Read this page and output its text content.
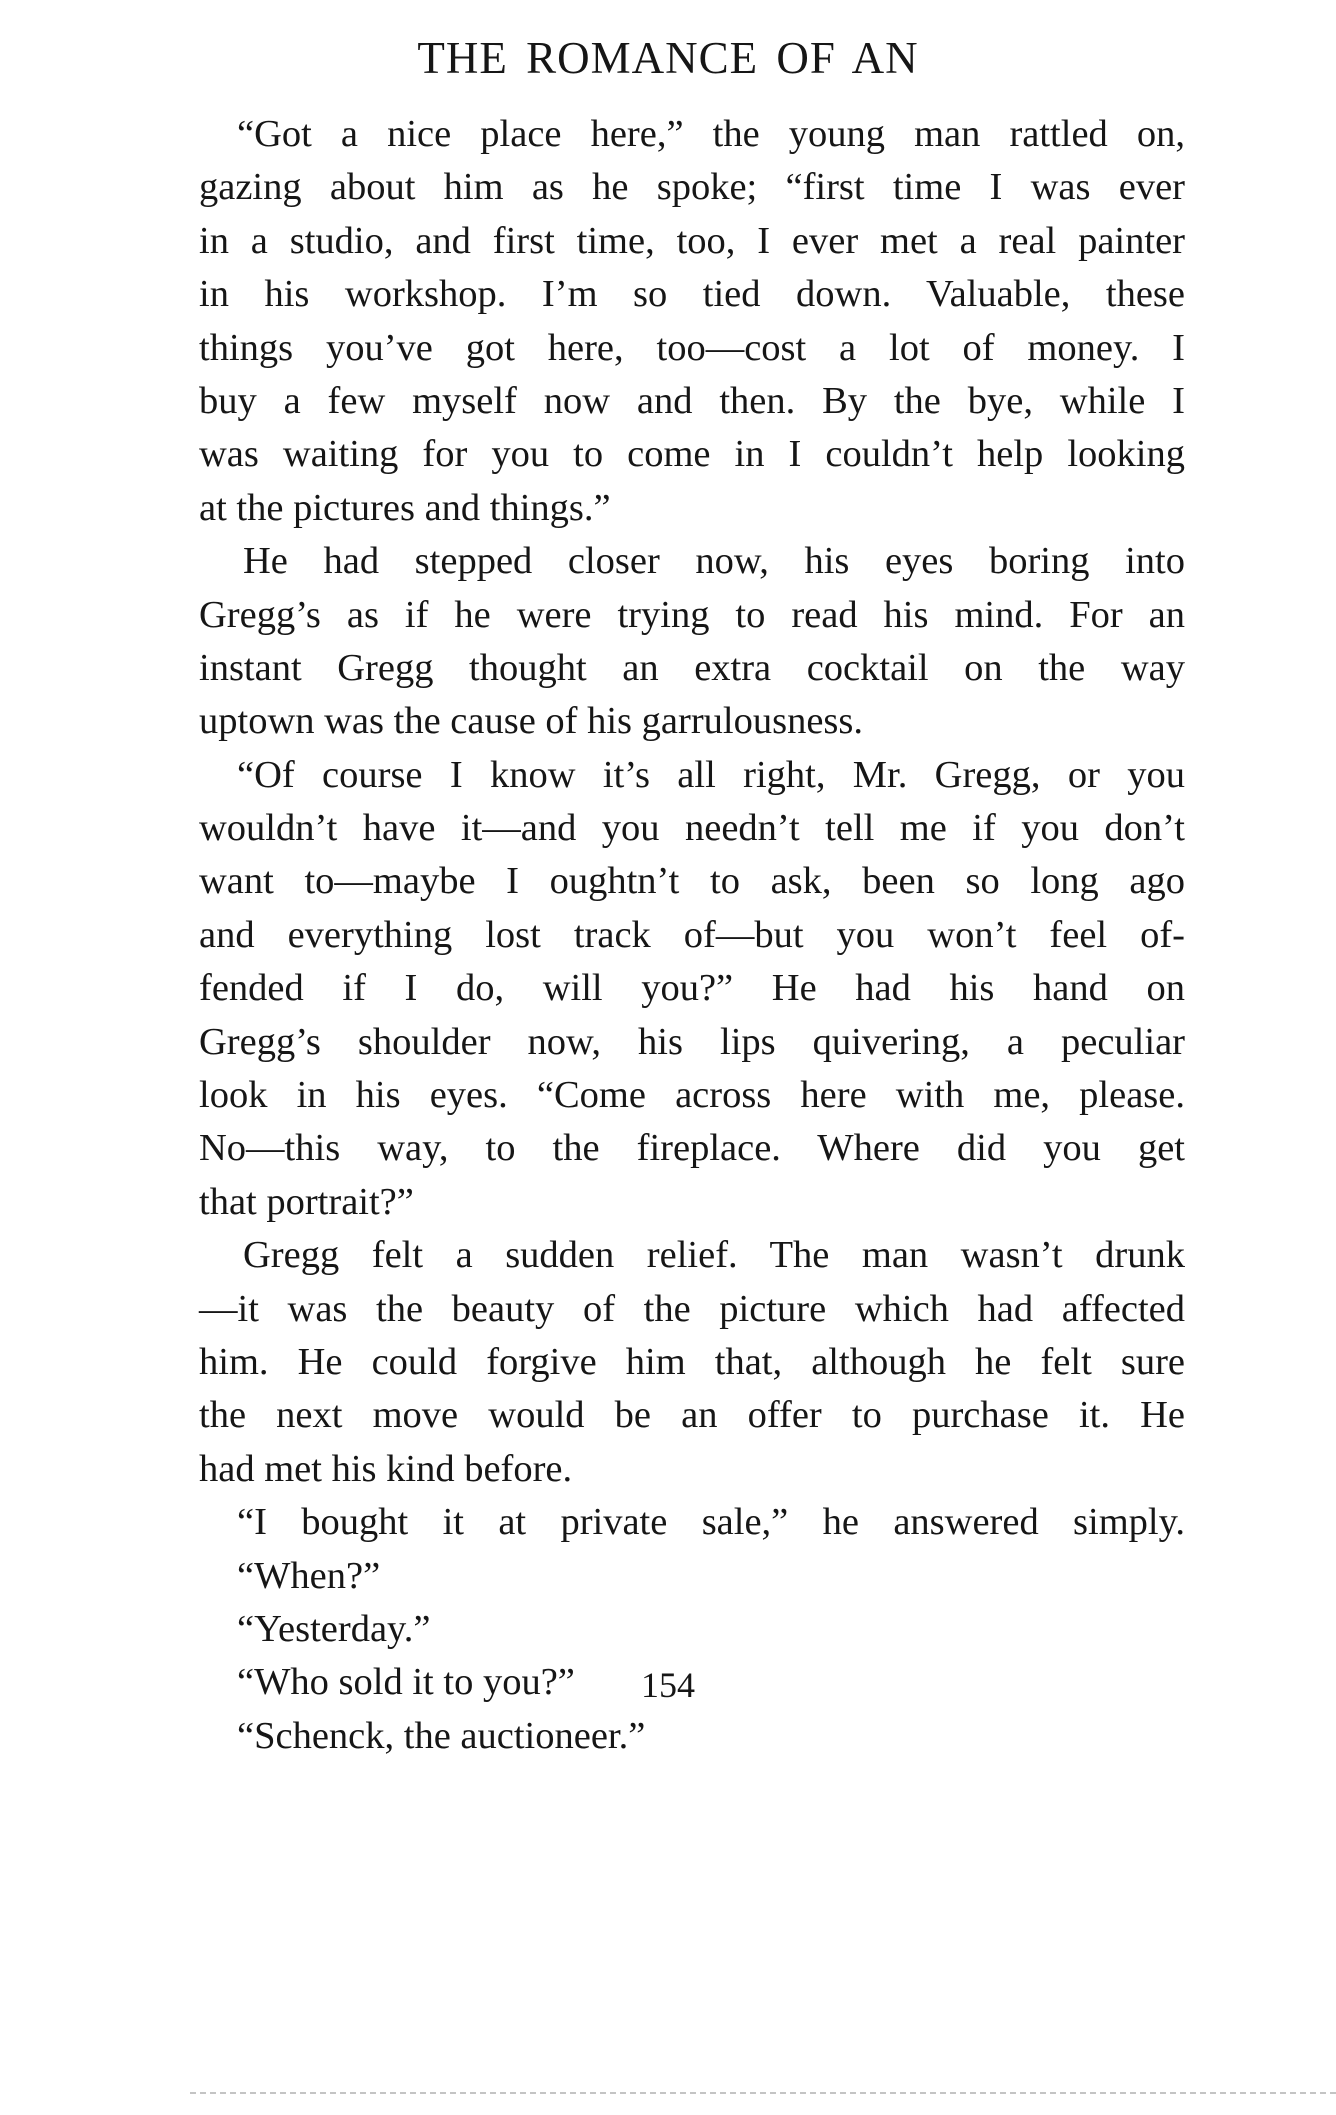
THE ROMANCE OF AN
“Got a nice place here,” the young man rattled on,
gazing about him as he spoke; “first time I was ever
in a studio, and first time, too, I ever met a real painter
in his workshop. I’m so tied down. Valuable, these
things you’ve got here, too—cost a lot of money. I
buy a few myself now and then. By the bye, while I
was waiting for you to come in I couldn’t help looking
at the pictures and things.”
He had stepped closer now, his eyes boring into
Gregg’s as if he were trying to read his mind. For an
instant Gregg thought an extra cocktail on the way
uptown was the cause of his garrulousness.
“Of course I know it’s all right, Mr. Gregg, or you
wouldn’t have it—and you needn’t tell me if you don’t
want to—maybe I oughtn’t to ask, been so long ago
and everything lost track of—but you won’t feel of-
fended if I do, will you?” He had his hand on
Gregg’s shoulder now, his lips quivering, a peculiar
look in his eyes. “Come across here with me, please.
No—this way, to the fireplace. Where did you get
that portrait?”
Gregg felt a sudden relief. The man wasn’t drunk
—it was the beauty of the picture which had affected
him. He could forgive him that, although he felt sure
the next move would be an offer to purchase it. He
had met his kind before.
“I bought it at private sale,” he answered simply.
“When?”
“Yesterday.”
“Who sold it to you?”
“Schenck, the auctioneer.”
154
